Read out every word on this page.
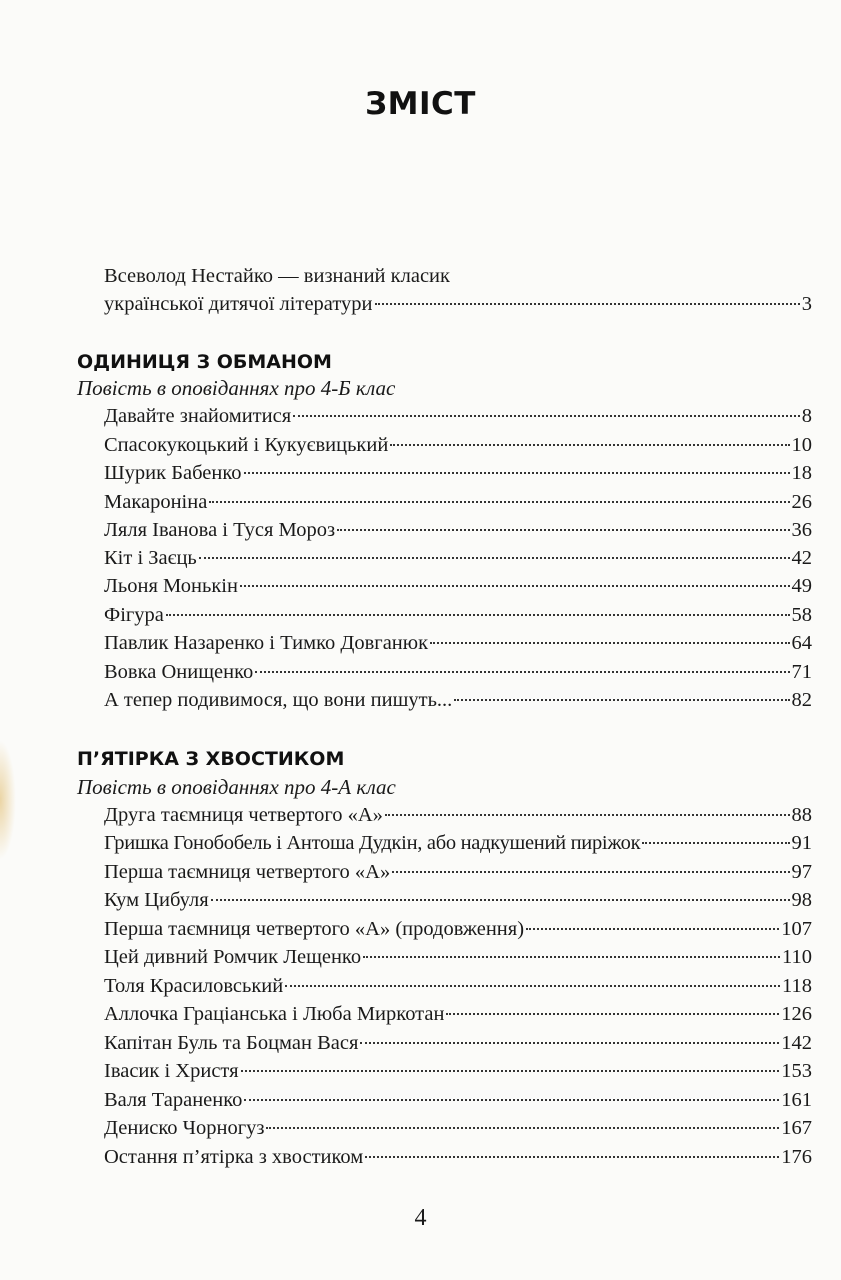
ЗМІСТ
Всеволод Нестайко — визнаний класик
української дитячої літератури	3
ОДИНИЦЯ З ОБМАНОМ
Повість в оповіданнях про 4-Б клас
Давайте знайомитися	8
Спасокукоцький і Кукуєвицький	10
Шурик Бабенко	18
Макароніна	26
Ляля Іванова і Туся Мороз	36
Кіт і Заєць	42
Льоня Монькін	49
Фігура	58
Павлик Назаренко і Тимко Довганюк	64
Вовка Онищенко	71
А тепер подивимося, що вони пишуть...	82
П’ЯТІРКА З ХВОСТИКОМ
Повість в оповіданнях про 4-А клас
Друга таємниця четвертого «А»	88
Гришка Гонобобель і Антоша Дудкін, або надкушений пиріжок	91
Перша таємниця четвертого «А»	97
Кум Цибуля	98
Перша таємниця четвертого «А» (продовження)	107
Цей дивний Ромчик Лещенко	110
Толя Красиловський	118
Аллочка Граціанська і Люба Миркотан	126
Капітан Буль та Боцман Вася	142
Івасик і Христя	153
Валя Тараненко	161
Дениско Чорногуз	167
Остання п’ятірка з хвостиком	176
4
